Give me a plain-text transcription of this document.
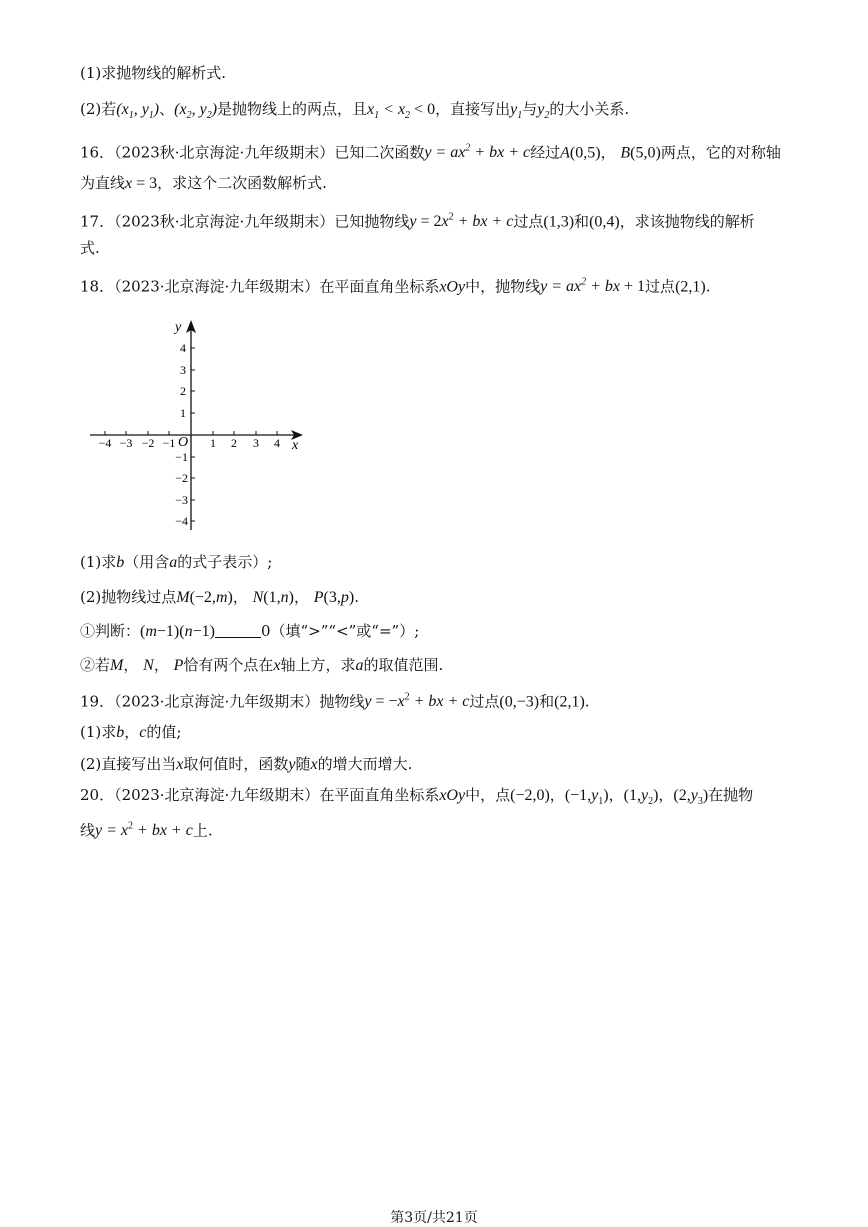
(1)求抛物线的解析式.
(2)若($x_1$, $y_1$)、($x_2$, $y_2$)是抛物线上的两点，且$x_1 < x_2 < 0$，直接写出$y_1$与$y_2$的大小关系.
16．（2023秋·北京海淀·九年级期末）已知二次函数$y = ax^2$ + bx + c经过A(0,5)， B(5,0)两点，它的对称轴
为直线x = 3，求这个二次函数解析式.
17．（2023秋·北京海淀·九年级期末）已知抛物线$y = 2x^2$ + bx + c过点(1,3)和(0,4)，求该抛物线的解析
式.
18．（2023·北京海淀·九年级期末）在平面直角坐标系xOy中，抛物线$y = ax^2$ + bx + 1过点(2,1).
−4 −3 −2 −1	1 2 3 4
4
3
2
1
−1
−2
−3
−4
y
x
O
(1)求b（用含a的式子表示）;
(2)抛物线过点M(−2,m)， N(1,n)， P(3,p).
①判断：(m−1)(n−1)	0（填“>”“<”或“=”）;
②若M， N， P恰有两个点在x轴上方，求a的取值范围.
19．（2023·北京海淀·九年级期末）抛物线$y = -x^2$ + bx + c过点(0,−3)和(2,1).
(1)求b，c的值;
(2)直接写出当x取何值时，函数y随x的增大而增大.
20．（2023·北京海淀·九年级期末）在平面直角坐标系xOy中，点(−2,0)，$(-1,y_1)$，$(1,y_2)$，$(2,y_3)$在抛物
线$y = x^2$ + bx + c上.
第3页/共21页
